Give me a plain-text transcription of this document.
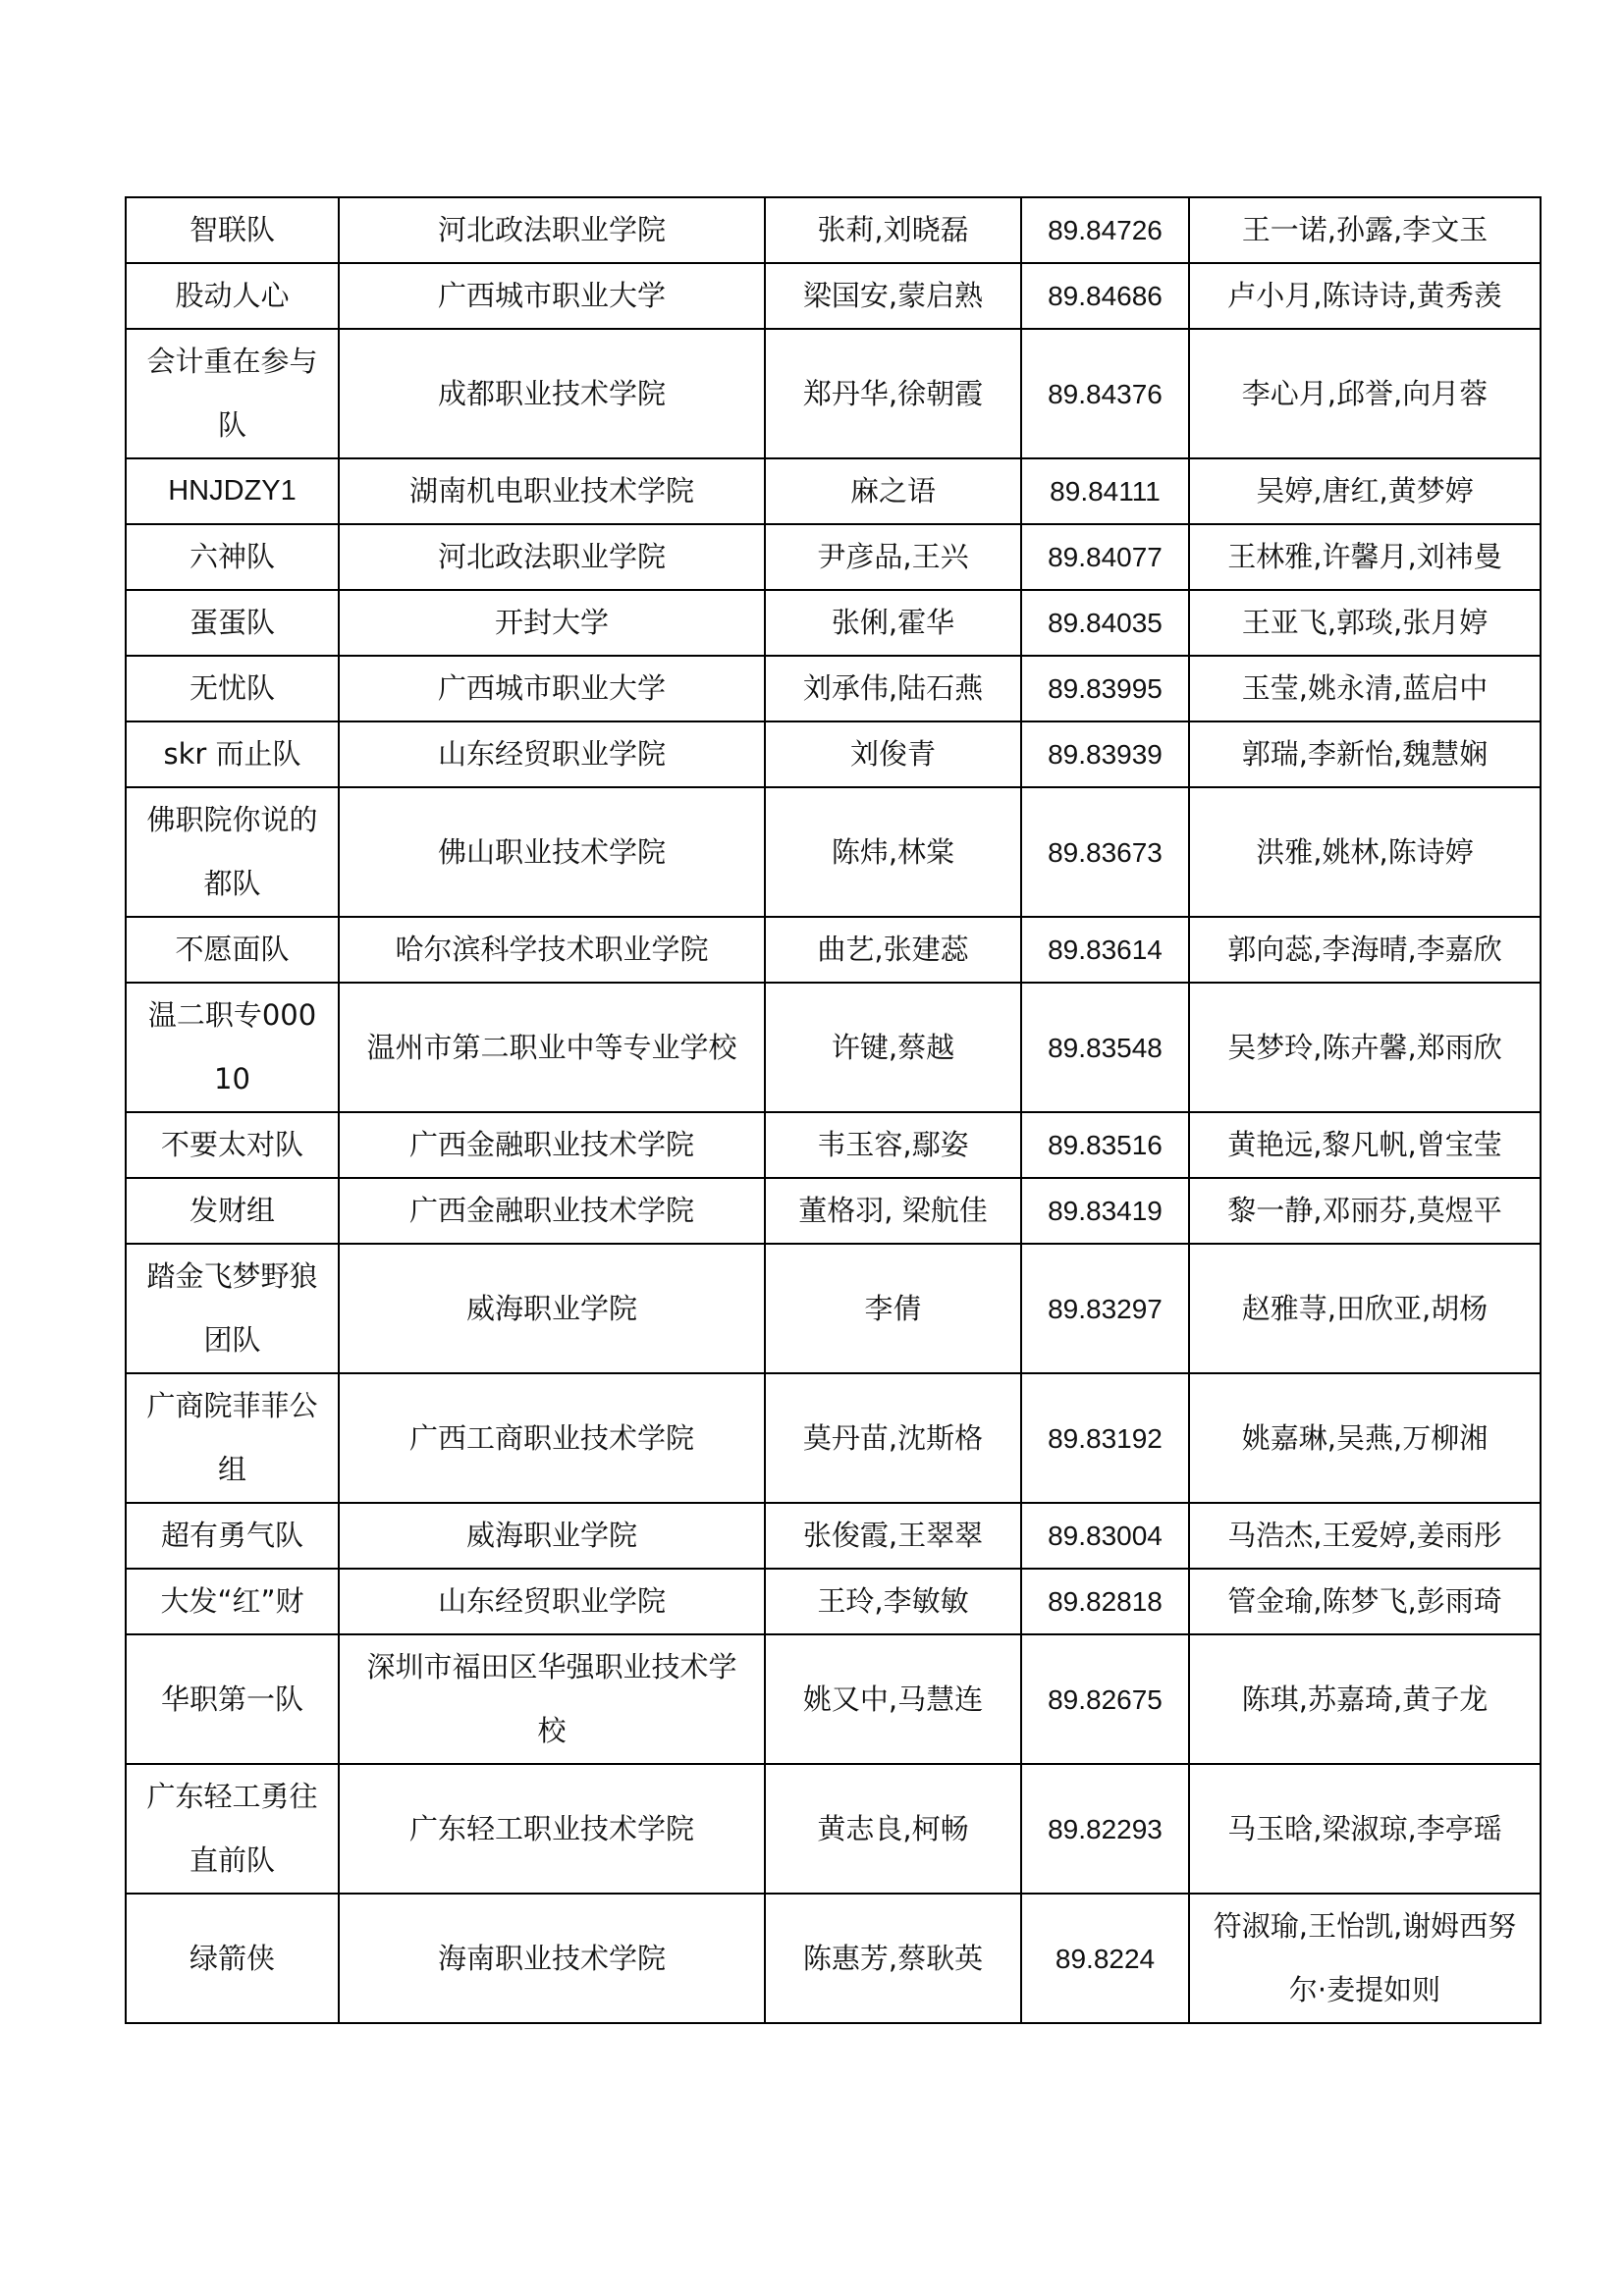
智联队	河北政法职业学院	张莉,刘晓磊	89.84726	王一诺,孙露,李文玉
股动人心	广西城市职业大学	梁国安,蒙启熟	89.84686	卢小月,陈诗诗,黄秀羡
会计重在参与队	成都职业技术学院	郑丹华,徐朝霞	89.84376	李心月,邱誉,向月蓉
HNJDZY1	湖南机电职业技术学院	麻之语	89.84111	吴婷,唐红,黄梦婷
六神队	河北政法职业学院	尹彦品,王兴	89.84077	王林雅,许馨月,刘祎曼
蛋蛋队	开封大学	张俐,霍华	89.84035	王亚飞,郭琰,张月婷
无忧队	广西城市职业大学	刘承伟,陆石燕	89.83995	玉莹,姚永清,蓝启中
skr 而止队	山东经贸职业学院	刘俊青	89.83939	郭瑞,李新怡,魏慧娴
佛职院你说的都队	佛山职业技术学院	陈炜,林棠	89.83673	洪雅,姚林,陈诗婷
不愿面队	哈尔滨科学技术职业学院	曲艺,张建蕊	89.83614	郭向蕊,李海晴,李嘉欣
温二职专00010	温州市第二职业中等专业学校	许键,蔡越	89.83548	吴梦玲,陈卉馨,郑雨欣
不要太对队	广西金融职业技术学院	韦玉容,鄢姿	89.83516	黄艳远,黎凡帆,曾宝莹
发财组	广西金融职业技术学院	董格羽, 梁航佳	89.83419	黎一静,邓丽芬,莫煜平
踏金飞梦野狼团队	威海职业学院	李倩	89.83297	赵雅荨,田欣亚,胡杨
广商院菲菲公组	广西工商职业技术学院	莫丹苗,沈斯格	89.83192	姚嘉琳,吴燕,万柳湘
超有勇气队	威海职业学院	张俊霞,王翠翠	89.83004	马浩杰,王爱婷,姜雨彤
大发“红”财	山东经贸职业学院	王玲,李敏敏	89.82818	管金瑜,陈梦飞,彭雨琦
华职第一队	深圳市福田区华强职业技术学校	姚又中,马慧连	89.82675	陈琪,苏嘉琦,黄子龙
广东轻工勇往直前队	广东轻工职业技术学院	黄志良,柯畅	89.82293	马玉晗,梁淑琼,李亭瑶
绿箭侠	海南职业技术学院	陈惠芳,蔡耿英	89.8224	符淑瑜,王怡凯,谢姆西努尔·麦提如则
